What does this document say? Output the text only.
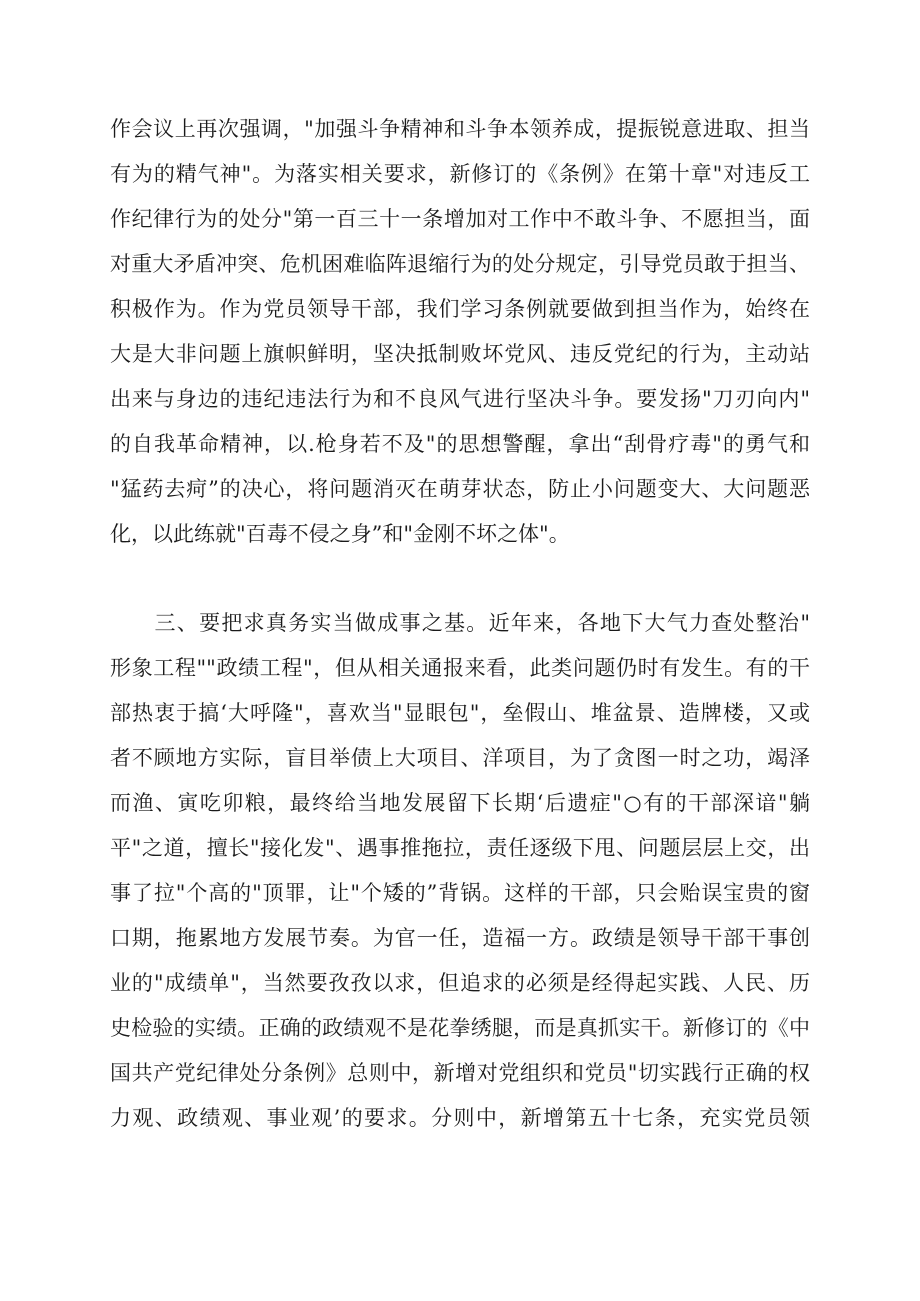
作会议上再次强调，"加强斗争精神和斗争本领养成，提振锐意进取、担当
有为的精气神"。为落实相关要求，新修订的《条例》在第十章"对违反工
作纪律行为的处分"第一百三十一条增加对工作中不敢斗争、不愿担当，面
对重大矛盾冲突、危机困难临阵退缩行为的处分规定，引导党员敢于担当、
积极作为。作为党员领导干部，我们学习条例就要做到担当作为，始终在
大是大非问题上旗帜鲜明，坚决抵制败坏党风、违反党纪的行为，主动站
出来与身边的违纪违法行为和不良风气进行坚决斗争。要发扬"刀刃向内"
的自我革命精神，以.枪身若不及"的思想警醒，拿出“刮骨疗毒"的勇气和
"猛药去疴”的决心，将问题消灭在萌芽状态，防止小问题变大、大问题恶
化，以此练就"百毒不侵之身”和"金刚不坏之体"。
　　三、要把求真务实当做成事之基。近年来，各地下大气力查处整治"
形象工程""政绩工程"，但从相关通报来看，此类问题仍时有发生。有的干
部热衷于搞‘大呼隆"，喜欢当"显眼包"，垒假山、堆盆景、造牌楼，又或
者不顾地方实际，盲目举债上大项目、洋项目，为了贪图一时之功，竭泽
而渔、寅吃卯粮，最终给当地发展留下长期‘后遗症"○有的干部深谙"躺
平"之道，擅长"接化发"、遇事推拖拉，责任逐级下甩、问题层层上交，出
事了拉"个高的"顶罪，让"个矮的”背锅。这样的干部，只会贻误宝贵的窗
口期，拖累地方发展节奏。为官一任，造福一方。政绩是领导干部干事创
业的"成绩单"，当然要孜孜以求，但追求的必须是经得起实践、人民、历
史检验的实绩。正确的政绩观不是花拳绣腿，而是真抓实干。新修订的《中
国共产党纪律处分条例》总则中，新增对党组织和党员"切实践行正确的权
力观、政绩观、事业观’的要求。分则中，新增第五十七条，充实党员领
